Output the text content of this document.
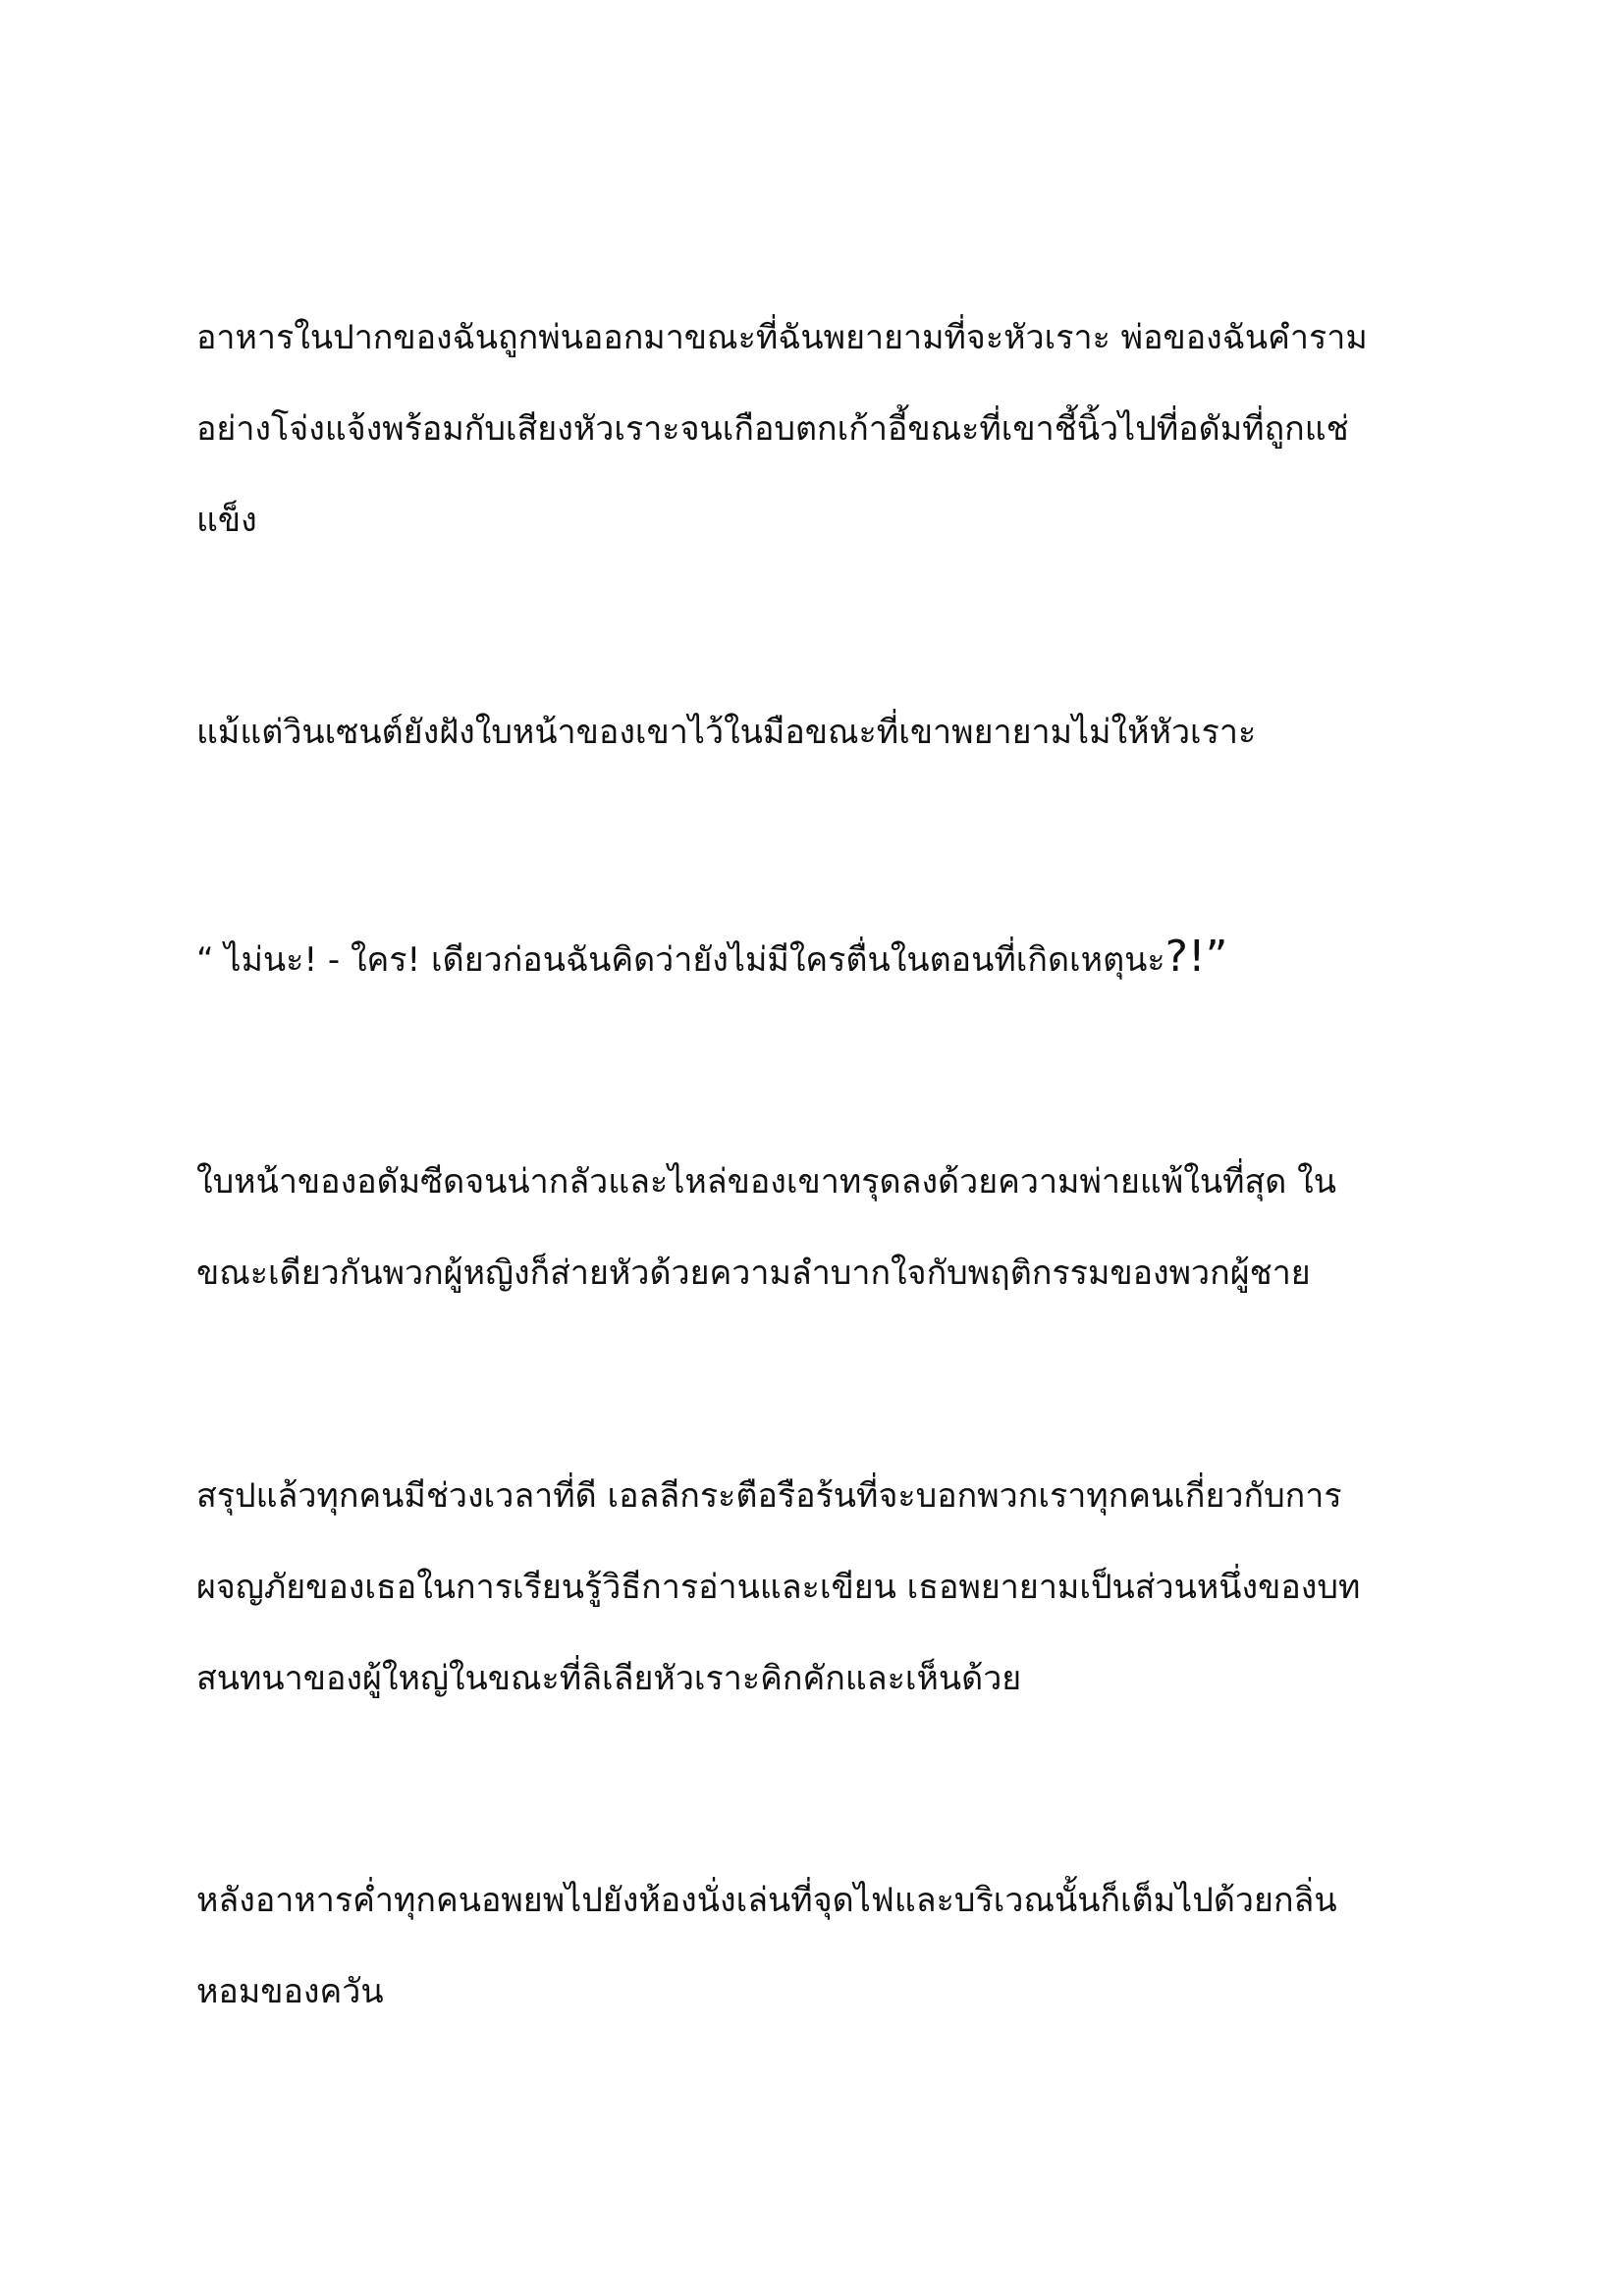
อาหารในปากของฉันถูกพ่นออกมาขณะที่ฉันพยายามที่จะหัวเราะ พ่อของฉันคำราม
อย่างโจ่งแจ้งพร้อมกับเสียงหัวเราะจนเกือบตกเก้าอี้ขณะที่เขาชี้นิ้วไปที่อดัมที่ถูกแช่
แข็ง

แม้แต่วินเซนต์ยังฝังใบหน้าของเขาไว้ในมือขณะที่เขาพยายามไม่ให้หัวเราะ

“ ไม่นะ! - ใคร! เดียวก่อนฉันคิดว่ายังไม่มีใครตื่นในตอนที่เกิดเหตุนะ?!”

ใบหน้าของอดัมซีดจนน่ากลัวและไหล่ของเขาทรุดลงด้วยความพ่ายแพ้ในที่สุด ใน
ขณะเดียวกันพวกผู้หญิงก็ส่ายหัวด้วยความลำบากใจกับพฤติกรรมของพวกผู้ชาย

สรุปแล้วทุกคนมีช่วงเวลาที่ดี เอลลีกระตือรือร้นที่จะบอกพวกเราทุกคนเกี่ยวกับการ
ผจญภัยของเธอในการเรียนรู้วิธีการอ่านและเขียน เธอพยายามเป็นส่วนหนึ่งของบท
สนทนาของผู้ใหญ่ในขณะที่ลิเลียหัวเราะคิกคักและเห็นด้วย

หลังอาหารค่ำทุกคนอพยพไปยังห้องนั่งเล่นที่จุดไฟและบริเวณนั้นก็เต็มไปด้วยกลิ่น
หอมของควัน
